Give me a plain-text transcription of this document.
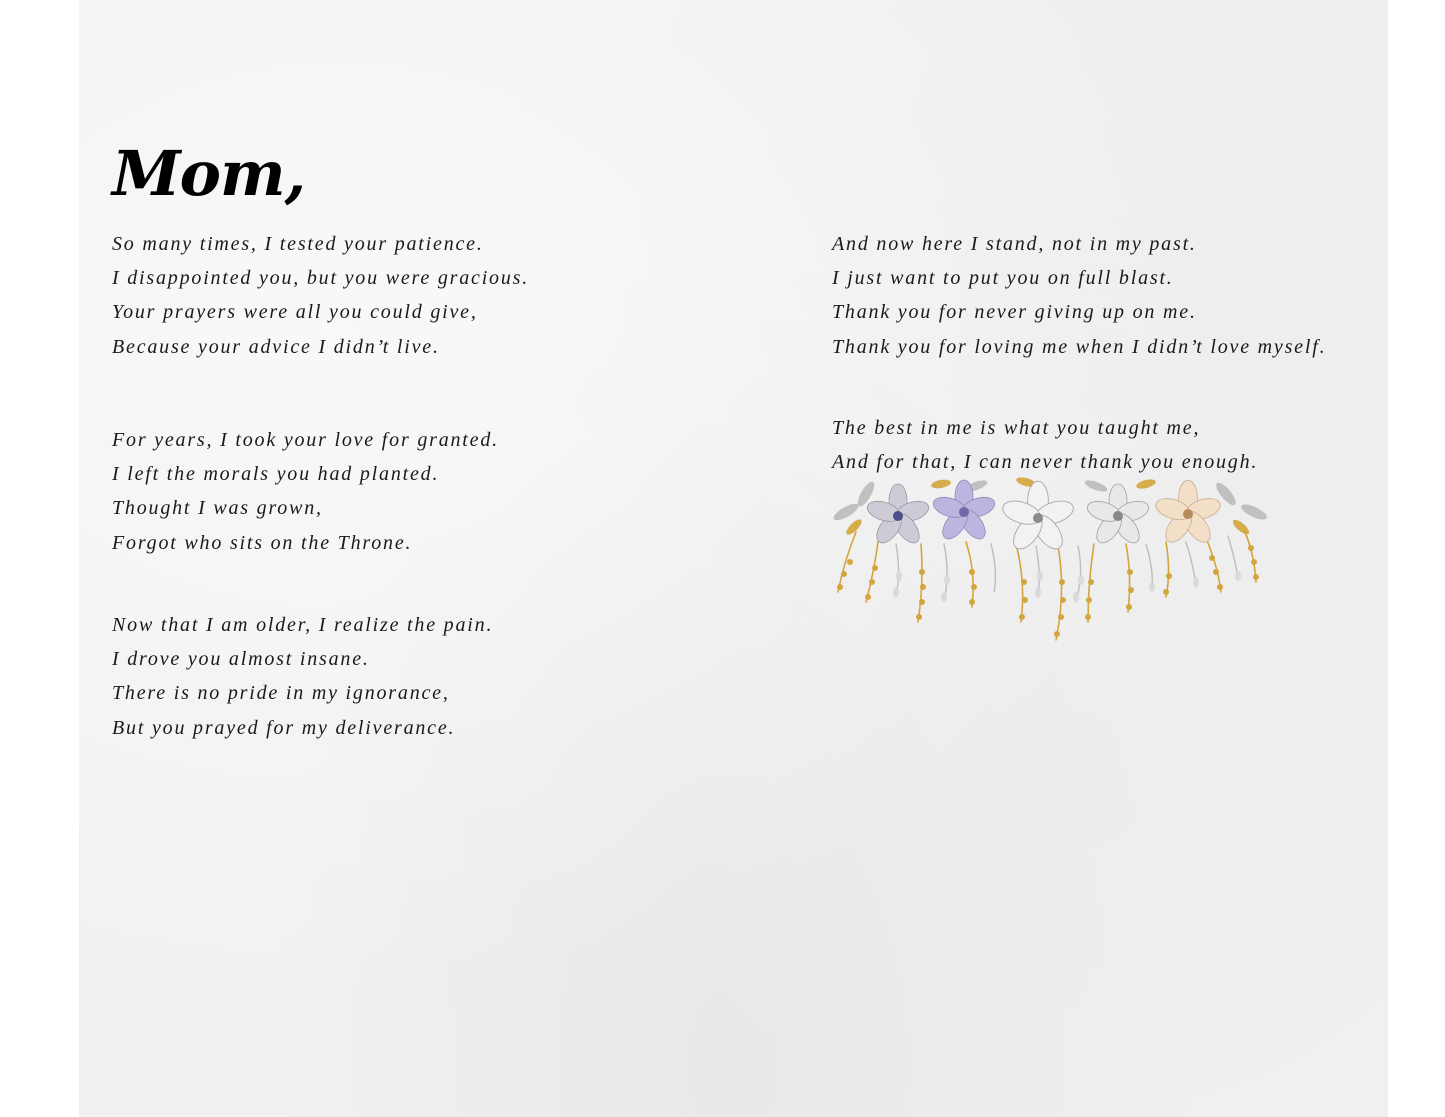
Mom,

So many times, I tested your patience.
I disappointed you, but you were gracious.
Your prayers were all you could give,
Because your advice I didn’t live.

For years, I took your love for granted.
I left the morals you had planted.
Thought I was grown,
Forgot who sits on the Throne.

Now that I am older, I realize the pain.
I drove you almost insane.
There is no pride in my ignorance,
But you prayed for my deliverance.

And now here I stand, not in my past.
I just want to put you on full blast.
Thank you for never giving up on me.
Thank you for loving me when I didn’t love myself.

The best in me is what you taught me,
And for that, I can never thank you enough.
